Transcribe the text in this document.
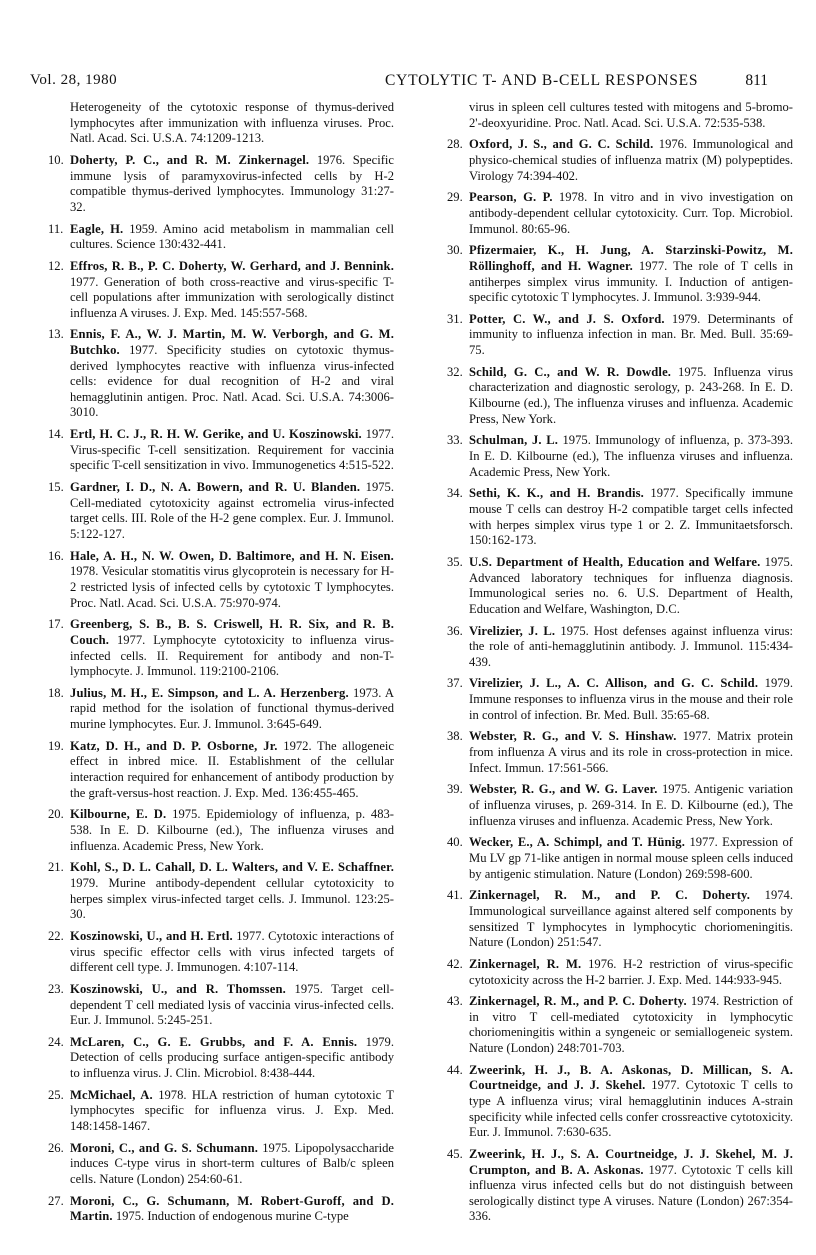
Vol. 28, 1980	CYTOLYTIC T- AND B-CELL RESPONSES	811

Heterogeneity of the cytotoxic response of thymus-derived lymphocytes after immunization with influenza viruses. Proc. Natl. Acad. Sci. U.S.A. 74:1209-1213.

10. Doherty, P. C., and R. M. Zinkernagel. 1976. Specific immune lysis of paramyxovirus-infected cells by H-2 compatible thymus-derived lymphocytes. Immunology 31:27-32.

11. Eagle, H. 1959. Amino acid metabolism in mammalian cell cultures. Science 130:432-441.

12. Effros, R. B., P. C. Doherty, W. Gerhard, and J. Bennink. 1977. Generation of both cross-reactive and virus-specific T-cell populations after immunization with serologically distinct influenza A viruses. J. Exp. Med. 145:557-568.

13. Ennis, F. A., W. J. Martin, M. W. Verborgh, and G. M. Butchko. 1977. Specificity studies on cytotoxic thymus-derived lymphocytes reactive with influenza virus-infected cells: evidence for dual recognition of H-2 and viral hemagglutinin antigen. Proc. Natl. Acad. Sci. U.S.A. 74:3006-3010.

14. Ertl, H. C. J., R. H. W. Gerike, and U. Koszinowski. 1977. Virus-specific T-cell sensitization. Requirement for vaccinia specific T-cell sensitization in vivo. Immunogenetics 4:515-522.

15. Gardner, I. D., N. A. Bowern, and R. U. Blanden. 1975. Cell-mediated cytotoxicity against ectromelia virus-infected target cells. III. Role of the H-2 gene complex. Eur. J. Immunol. 5:122-127.

16. Hale, A. H., N. W. Owen, D. Baltimore, and H. N. Eisen. 1978. Vesicular stomatitis virus glycoprotein is necessary for H-2 restricted lysis of infected cells by cytotoxic T lymphocytes. Proc. Natl. Acad. Sci. U.S.A. 75:970-974.

17. Greenberg, S. B., B. S. Criswell, H. R. Six, and R. B. Couch. 1977. Lymphocyte cytotoxicity to influenza virus-infected cells. II. Requirement for antibody and non-T-lymphocyte. J. Immunol. 119:2100-2106.

18. Julius, M. H., E. Simpson, and L. A. Herzenberg. 1973. A rapid method for the isolation of functional thymus-derived murine lymphocytes. Eur. J. Immunol. 3:645-649.

19. Katz, D. H., and D. P. Osborne, Jr. 1972. The allogeneic effect in inbred mice. II. Establishment of the cellular interaction required for enhancement of antibody production by the graft-versus-host reaction. J. Exp. Med. 136:455-465.

20. Kilbourne, E. D. 1975. Epidemiology of influenza, p. 483-538. In E. D. Kilbourne (ed.), The influenza viruses and influenza. Academic Press, New York.

21. Kohl, S., D. L. Cahall, D. L. Walters, and V. E. Schaffner. 1979. Murine antibody-dependent cellular cytotoxicity to herpes simplex virus-infected target cells. J. Immunol. 123:25-30.

22. Koszinowski, U., and H. Ertl. 1977. Cytotoxic interactions of virus specific effector cells with virus infected targets of different cell type. J. Immunogen. 4:107-114.

23. Koszinowski, U., and R. Thomssen. 1975. Target cell-dependent T cell mediated lysis of vaccinia virus-infected cells. Eur. J. Immunol. 5:245-251.

24. McLaren, C., G. E. Grubbs, and F. A. Ennis. 1979. Detection of cells producing surface antigen-specific antibody to influenza virus. J. Clin. Microbiol. 8:438-444.

25. McMichael, A. 1978. HLA restriction of human cytotoxic T lymphocytes specific for influenza virus. J. Exp. Med. 148:1458-1467.

26. Moroni, C., and G. S. Schumann. 1975. Lipopolysaccharide induces C-type virus in short-term cultures of Balb/c spleen cells. Nature (London) 254:60-61.

27. Moroni, C., G. Schumann, M. Robert-Guroff, and D. Martin. 1975. Induction of endogenous murine C-type

virus in spleen cell cultures tested with mitogens and 5-bromo-2'-deoxyuridine. Proc. Natl. Acad. Sci. U.S.A. 72:535-538.

28. Oxford, J. S., and G. C. Schild. 1976. Immunological and physico-chemical studies of influenza matrix (M) polypeptides. Virology 74:394-402.

29. Pearson, G. P. 1978. In vitro and in vivo investigation on antibody-dependent cellular cytotoxicity. Curr. Top. Microbiol. Immunol. 80:65-96.

30. Pfizermaier, K., H. Jung, A. Starzinski-Powitz, M. Röllinghoff, and H. Wagner. 1977. The role of T cells in antiherpes simplex virus immunity. I. Induction of antigen-specific cytotoxic T lymphocytes. J. Immunol. 3:939-944.

31. Potter, C. W., and J. S. Oxford. 1979. Determinants of immunity to influenza infection in man. Br. Med. Bull. 35:69-75.

32. Schild, G. C., and W. R. Dowdle. 1975. Influenza virus characterization and diagnostic serology, p. 243-268. In E. D. Kilbourne (ed.), The influenza viruses and influenza. Academic Press, New York.

33. Schulman, J. L. 1975. Immunology of influenza, p. 373-393. In E. D. Kilbourne (ed.), The influenza viruses and influenza. Academic Press, New York.

34. Sethi, K. K., and H. Brandis. 1977. Specifically immune mouse T cells can destroy H-2 compatible target cells infected with herpes simplex virus type 1 or 2. Z. Immunitaetsforsch. 150:162-173.

35. U.S. Department of Health, Education and Welfare. 1975. Advanced laboratory techniques for influenza diagnosis. Immunological series no. 6. U.S. Department of Health, Education and Welfare, Washington, D.C.

36. Virelizier, J. L. 1975. Host defenses against influenza virus: the role of anti-hemagglutinin antibody. J. Immunol. 115:434-439.

37. Virelizier, J. L., A. C. Allison, and G. C. Schild. 1979. Immune responses to influenza virus in the mouse and their role in control of infection. Br. Med. Bull. 35:65-68.

38. Webster, R. G., and V. S. Hinshaw. 1977. Matrix protein from influenza A virus and its role in cross-protection in mice. Infect. Immun. 17:561-566.

39. Webster, R. G., and W. G. Laver. 1975. Antigenic variation of influenza viruses, p. 269-314. In E. D. Kilbourne (ed.), The influenza viruses and influenza. Academic Press, New York.

40. Wecker, E., A. Schimpl, and T. Hünig. 1977. Expression of Mu LV gp 71-like antigen in normal mouse spleen cells induced by antigenic stimulation. Nature (London) 269:598-600.

41. Zinkernagel, R. M., and P. C. Doherty. 1974. Immunological surveillance against altered self components by sensitized T lymphocytes in lymphocytic choriomeningitis. Nature (London) 251:547.

42. Zinkernagel, R. M. 1976. H-2 restriction of virus-specific cytotoxicity across the H-2 barrier. J. Exp. Med. 144:933-945.

43. Zinkernagel, R. M., and P. C. Doherty. 1974. Restriction of in vitro T cell-mediated cytotoxicity in lymphocytic choriomeningitis within a syngeneic or semiallogeneic system. Nature (London) 248:701-703.

44. Zweerink, H. J., B. A. Askonas, D. Millican, S. A. Courtneidge, and J. J. Skehel. 1977. Cytotoxic T cells to type A influenza virus; viral hemagglutinin induces A-strain specificity while infected cells confer crossreactive cytotoxicity. Eur. J. Immunol. 7:630-635.

45. Zweerink, H. J., S. A. Courtneidge, J. J. Skehel, M. J. Crumpton, and B. A. Askonas. 1977. Cytotoxic T cells kill influenza virus infected cells but do not distinguish between serologically distinct type A viruses. Nature (London) 267:354-336.
